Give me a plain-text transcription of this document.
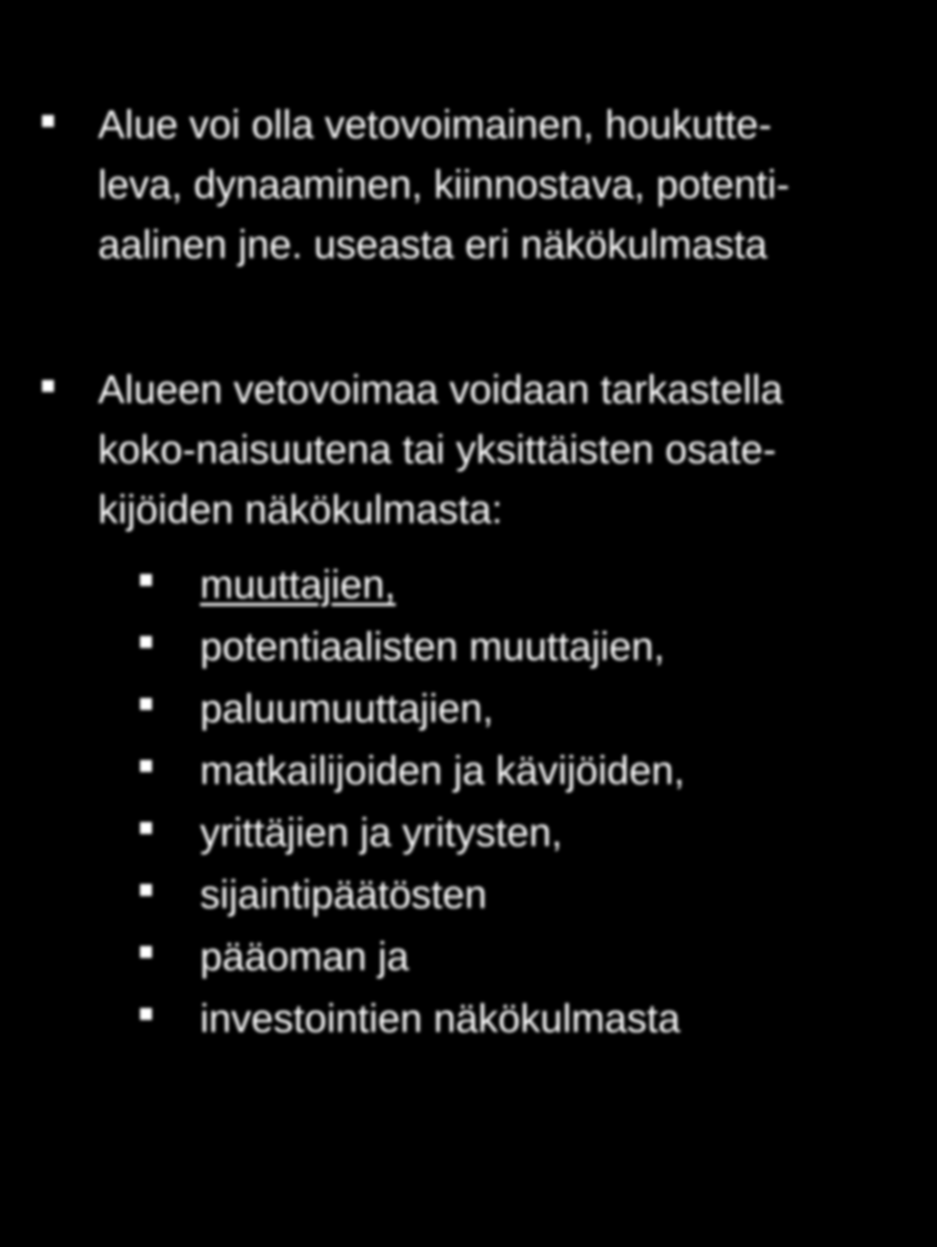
Alue voi olla vetovoimainen, houkutte-
leva, dynaaminen, kiinnostava, potenti-
aalinen jne. useasta eri näkökulmasta
Alueen vetovoimaa voidaan tarkastella
koko-naisuutena tai yksittäisten osate-
kijöiden näkökulmasta:
muuttajien,
potentiaalisten muuttajien,
paluumuuttajien,
matkailijoiden ja kävijöiden,
yrittäjien ja yritysten,
sijaintipäätösten
pääoman ja
investointien näkökulmasta
